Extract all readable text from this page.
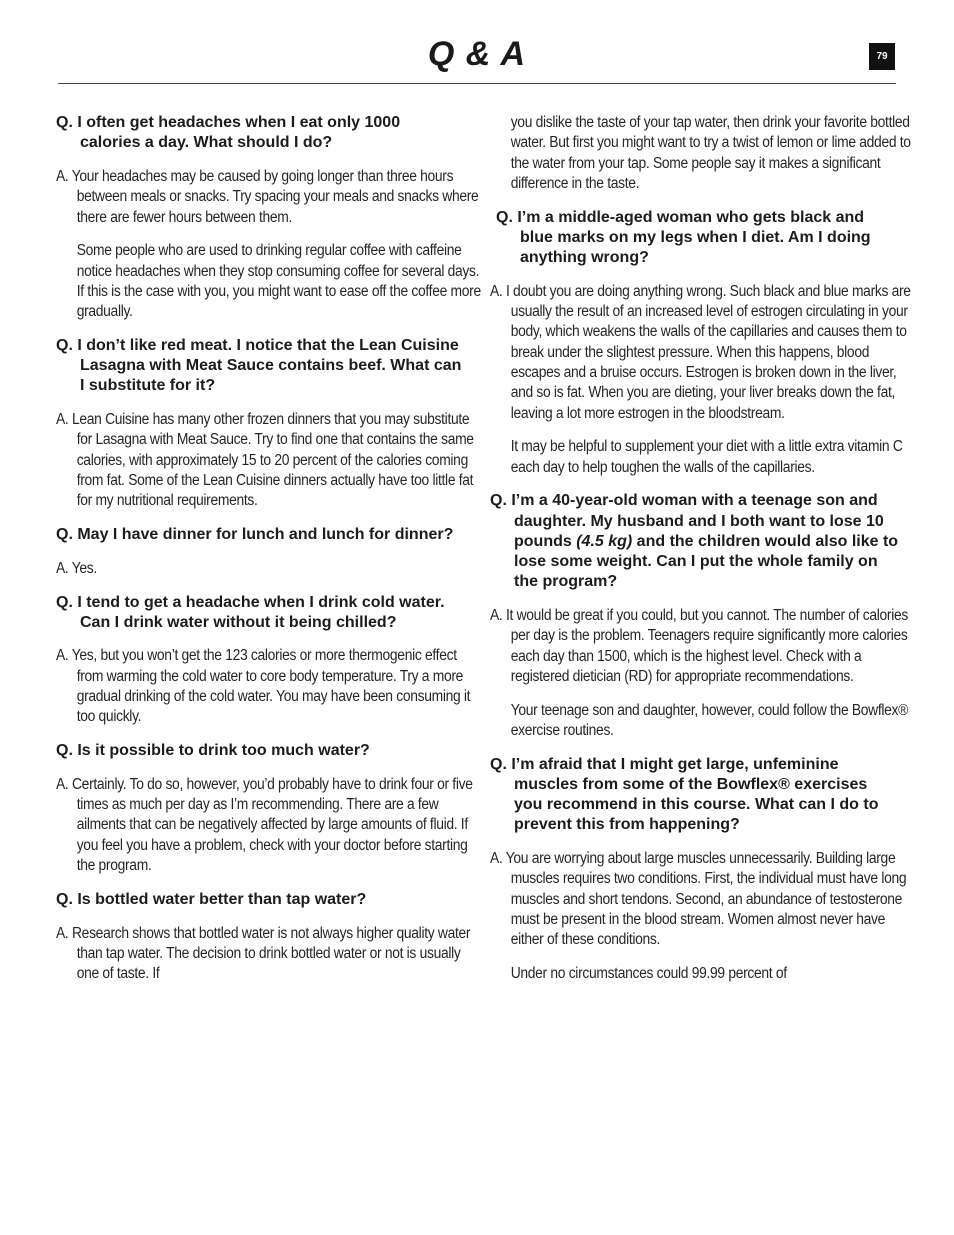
Q & A	79

Q. I often get headaches when I eat only 1000 calories a day. What should I do?

A. Your headaches may be caused by going longer than three hours between meals or snacks. Try spacing your meals and snacks where there are fewer hours between them.

Some people who are used to drinking regular coffee with caffeine notice headaches when they stop consuming coffee for several days. If this is the case with you, you might want to ease off the coffee more gradually.

Q. I don’t like red meat. I notice that the Lean Cuisine Lasagna with Meat Sauce contains beef. What can I substitute for it?

A. Lean Cuisine has many other frozen dinners that you may substitute for Lasagna with Meat Sauce. Try to find one that contains the same calories, with approximately 15 to 20 percent of the calories coming from fat. Some of the Lean Cuisine dinners actually have too little fat for my nutritional requirements.

Q. May I have dinner for lunch and lunch for dinner?

A. Yes.

Q. I tend to get a headache when I drink cold water. Can I drink water without it being chilled?

A. Yes, but you won’t get the 123 calories or more thermogenic effect from warming the cold water to core body temperature. Try a more gradual drinking of the cold water. You may have been consuming it too quickly.

Q. Is it possible to drink too much water?

A. Certainly. To do so, however, you’d probably have to drink four or five times as much per day as I’m recommending. There are a few ailments that can be negatively affected by large amounts of fluid. If you feel you have a problem, check with your doctor before starting the program.

Q. Is bottled water better than tap water?

A. Research shows that bottled water is not always higher quality water than tap water. The decision to drink bottled water or not is usually one of taste. If

you dislike the taste of your tap water, then drink your favorite bottled water. But first you might want to try a twist of lemon or lime added to the water from your tap. Some people say it makes a significant difference in the taste.

Q. I’m a middle-aged woman who gets black and blue marks on my legs when I diet. Am I doing anything wrong?

A. I doubt you are doing anything wrong. Such black and blue marks are usually the result of an increased level of estrogen circulating in your body, which weakens the walls of the capillaries and causes them to break under the slightest pressure. When this happens, blood escapes and a bruise occurs. Estrogen is broken down in the liver, and so is fat. When you are dieting, your liver breaks down the fat, leaving a lot more estrogen in the bloodstream.

It may be helpful to supplement your diet with a little extra vitamin C each day to help toughen the walls of the capillaries.

Q. I’m a 40-year-old woman with a teenage son and daughter. My husband and I both want to lose 10 pounds (4.5 kg) and the children would also like to lose some weight. Can I put the whole family on the program?

A. It would be great if you could, but you cannot. The number of calories per day is the problem. Teenagers require significantly more calories each day than 1500, which is the highest level. Check with a registered dietician (RD) for appropriate recommendations.

Your teenage son and daughter, however, could follow the Bowflex® exercise routines.

Q. I’m afraid that I might get large, unfeminine muscles from some of the Bowflex® exercises you recommend in this course. What can I do to prevent this from happening?

A. You are worrying about large muscles unnecessarily. Building large muscles requires two conditions. First, the individual must have long muscles and short tendons. Second, an abundance of testosterone must be present in the blood stream. Women almost never have either of these conditions.

Under no circumstances could 99.99 percent of
